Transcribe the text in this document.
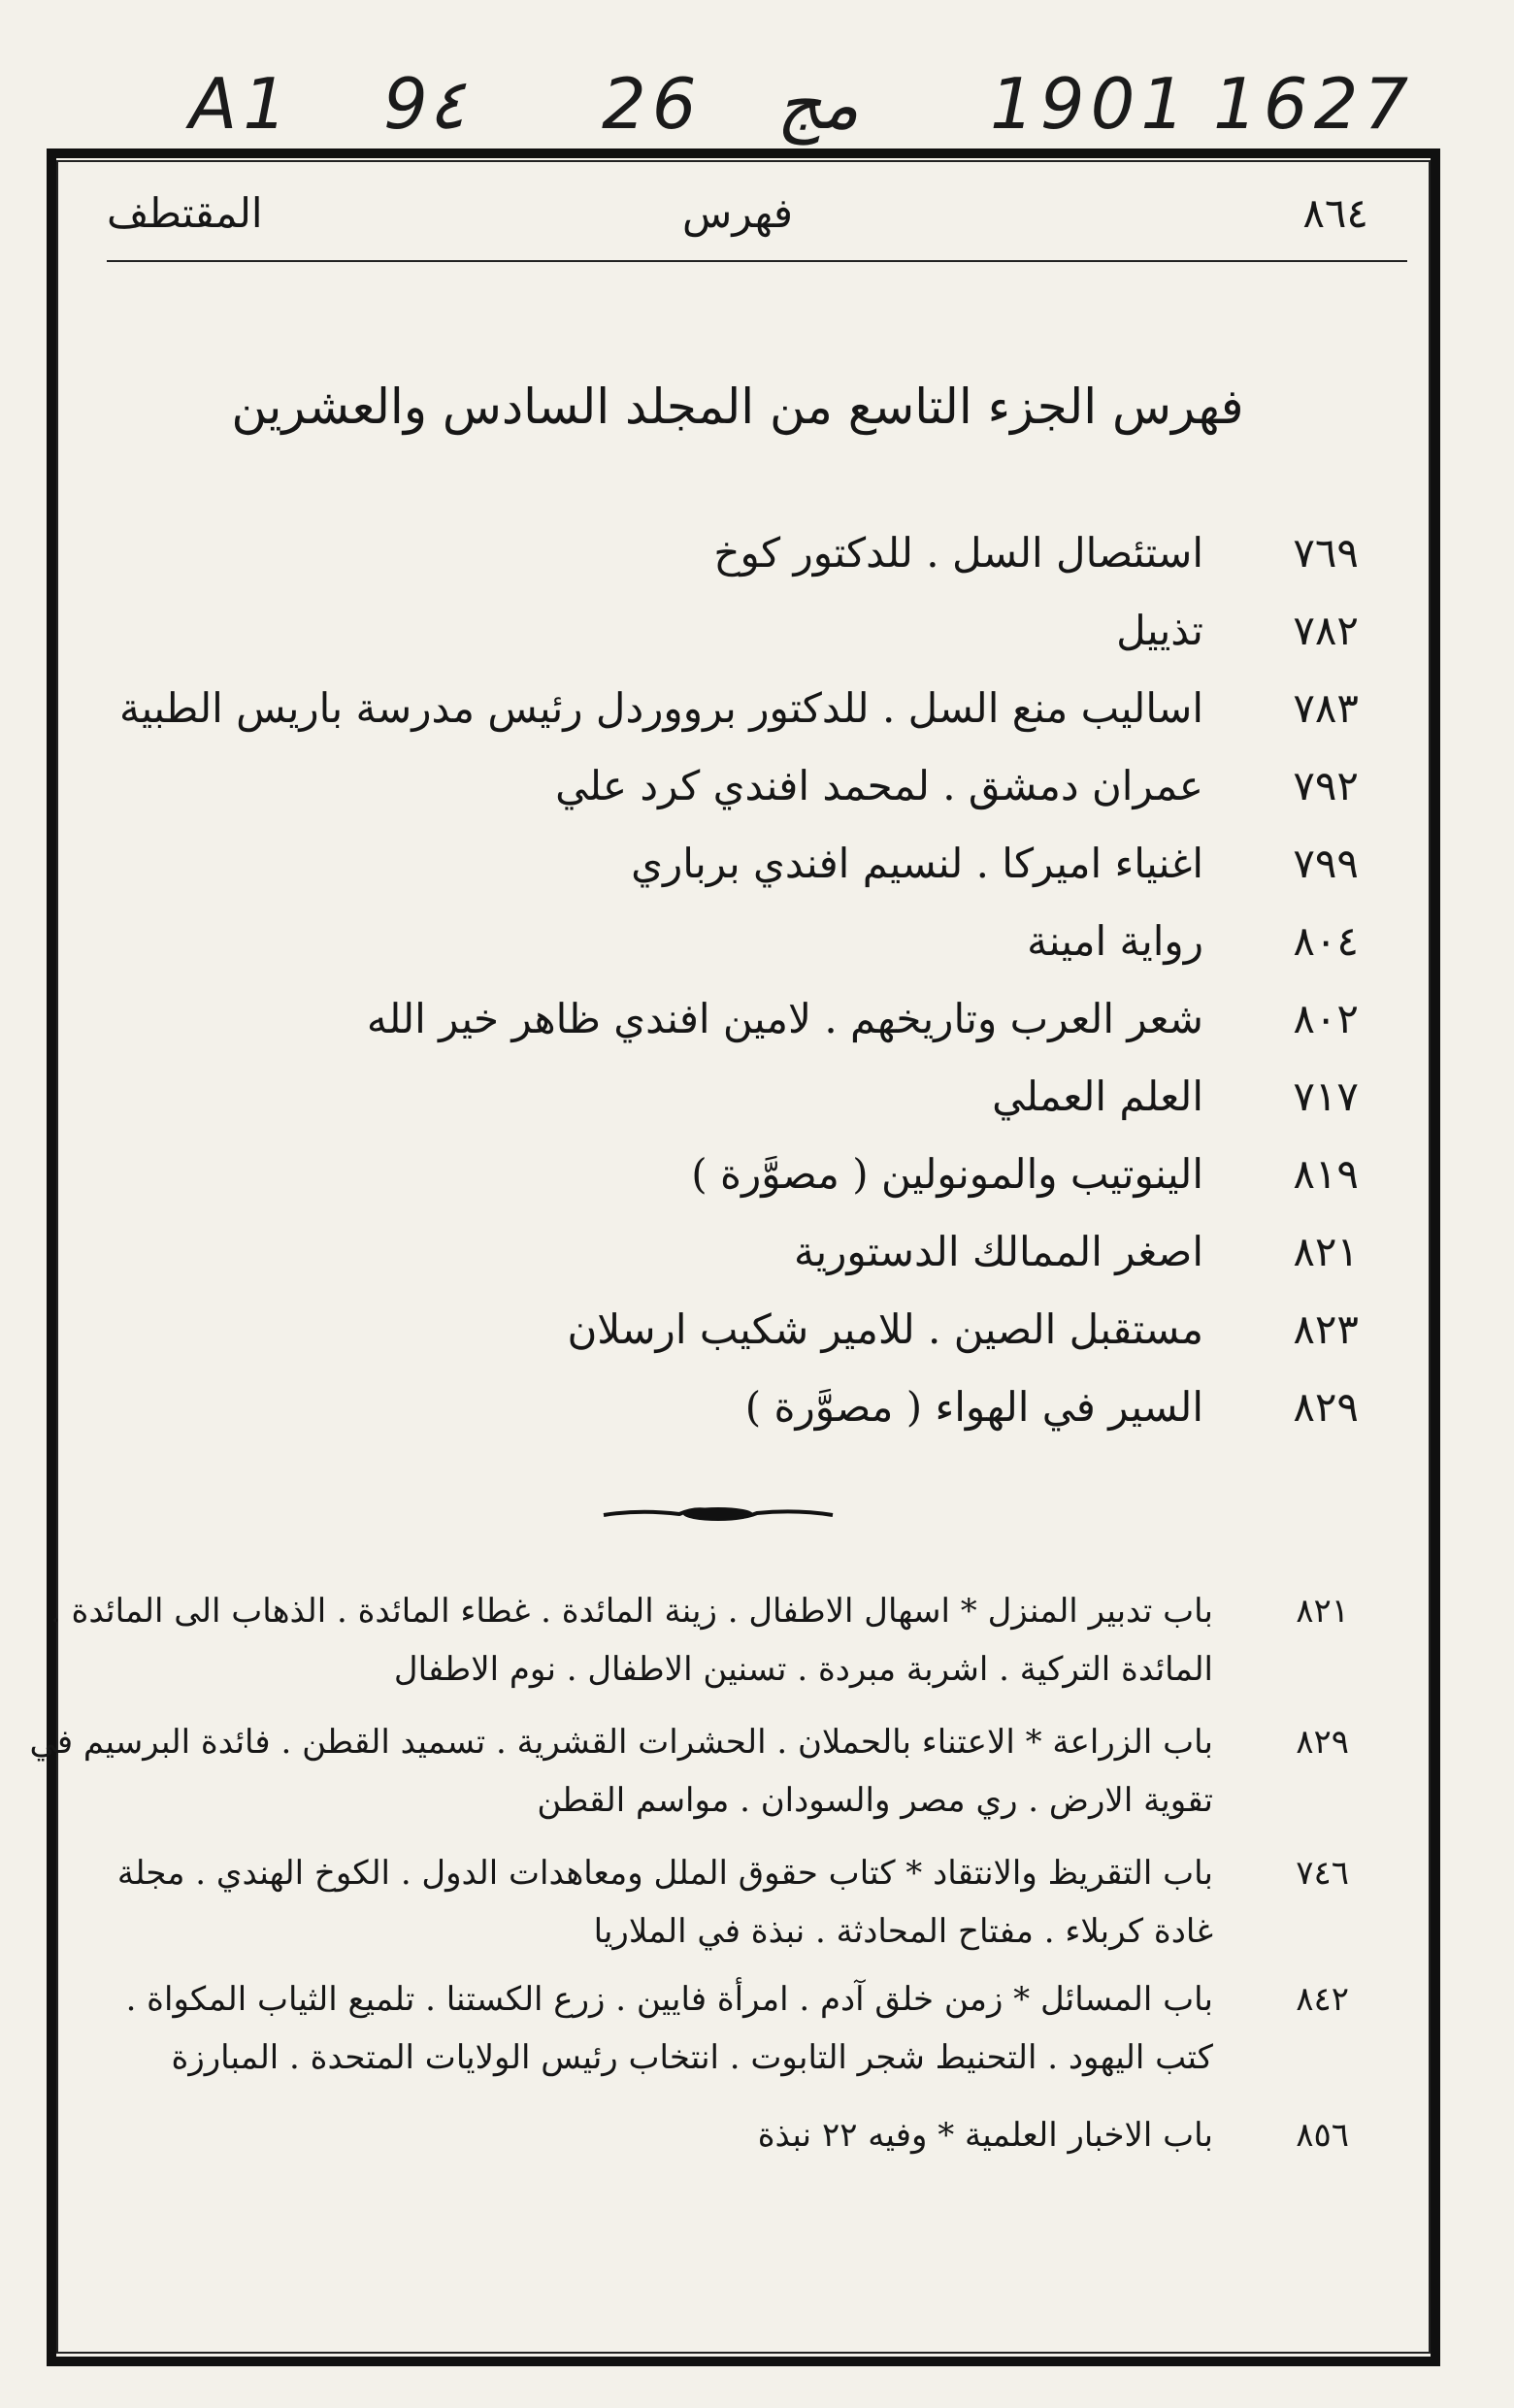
A1 9٤ 26 مج 1901 1627
٨٦٤
فهرس
المقتطف
فهرس الجزء التاسع من المجلد السادس والعشرين
٧٦٩
استئصال السل . للدكتور كوخ
٧٨٢
تذييل
٧٨٣
اساليب منع السل . للدكتور برووردل رئيس مدرسة باريس الطبية
٧٩٢
عمران دمشق . لمحمد افندي كرد علي
٧٩٩
اغنياء اميركا . لنسيم افندي برباري
٨٠٤
رواية امينة
٨٠٢
شعر العرب وتاريخهم . لامين افندي ظاهر خير الله
٧١٧
العلم العملي
٨١٩
الينوتيب والمونولين ( مصوَّرة )
٨٢١
اصغر الممالك الدستورية
٨٢٣
مستقبل الصين . للامير شكيب ارسلان
٨٢٩
السير في الهواء ( مصوَّرة )
٨٢١
باب تدبير المنزل * اسهال الاطفال . زينة المائدة . غطاء المائدة . الذهاب الى المائدة .
المائدة التركية . اشربة مبردة . تسنين الاطفال . نوم الاطفال
٨٢٩
باب الزراعة * الاعتناء بالحملان . الحشرات القشرية . تسميد القطن . فائدة البرسيم في
تقوية الارض . ري مصر والسودان . مواسم القطن
٧٤٦
باب التقريظ والانتقاد * كتاب حقوق الملل ومعاهدات الدول . الكوخ الهندي . مجلة
غادة كربلاء . مفتاح المحادثة . نبذة في الملاريا
٨٤٢
باب المسائل * زمن خلق آدم . امرأة فايين . زرع الكستنا . تلميع الثياب المكواة .
كتب اليهود . التحنيط شجر التابوت . انتخاب رئيس الولايات المتحدة . المبارزة
٨٥٦
باب الاخبار العلمية * وفيه ٢٢ نبذة
